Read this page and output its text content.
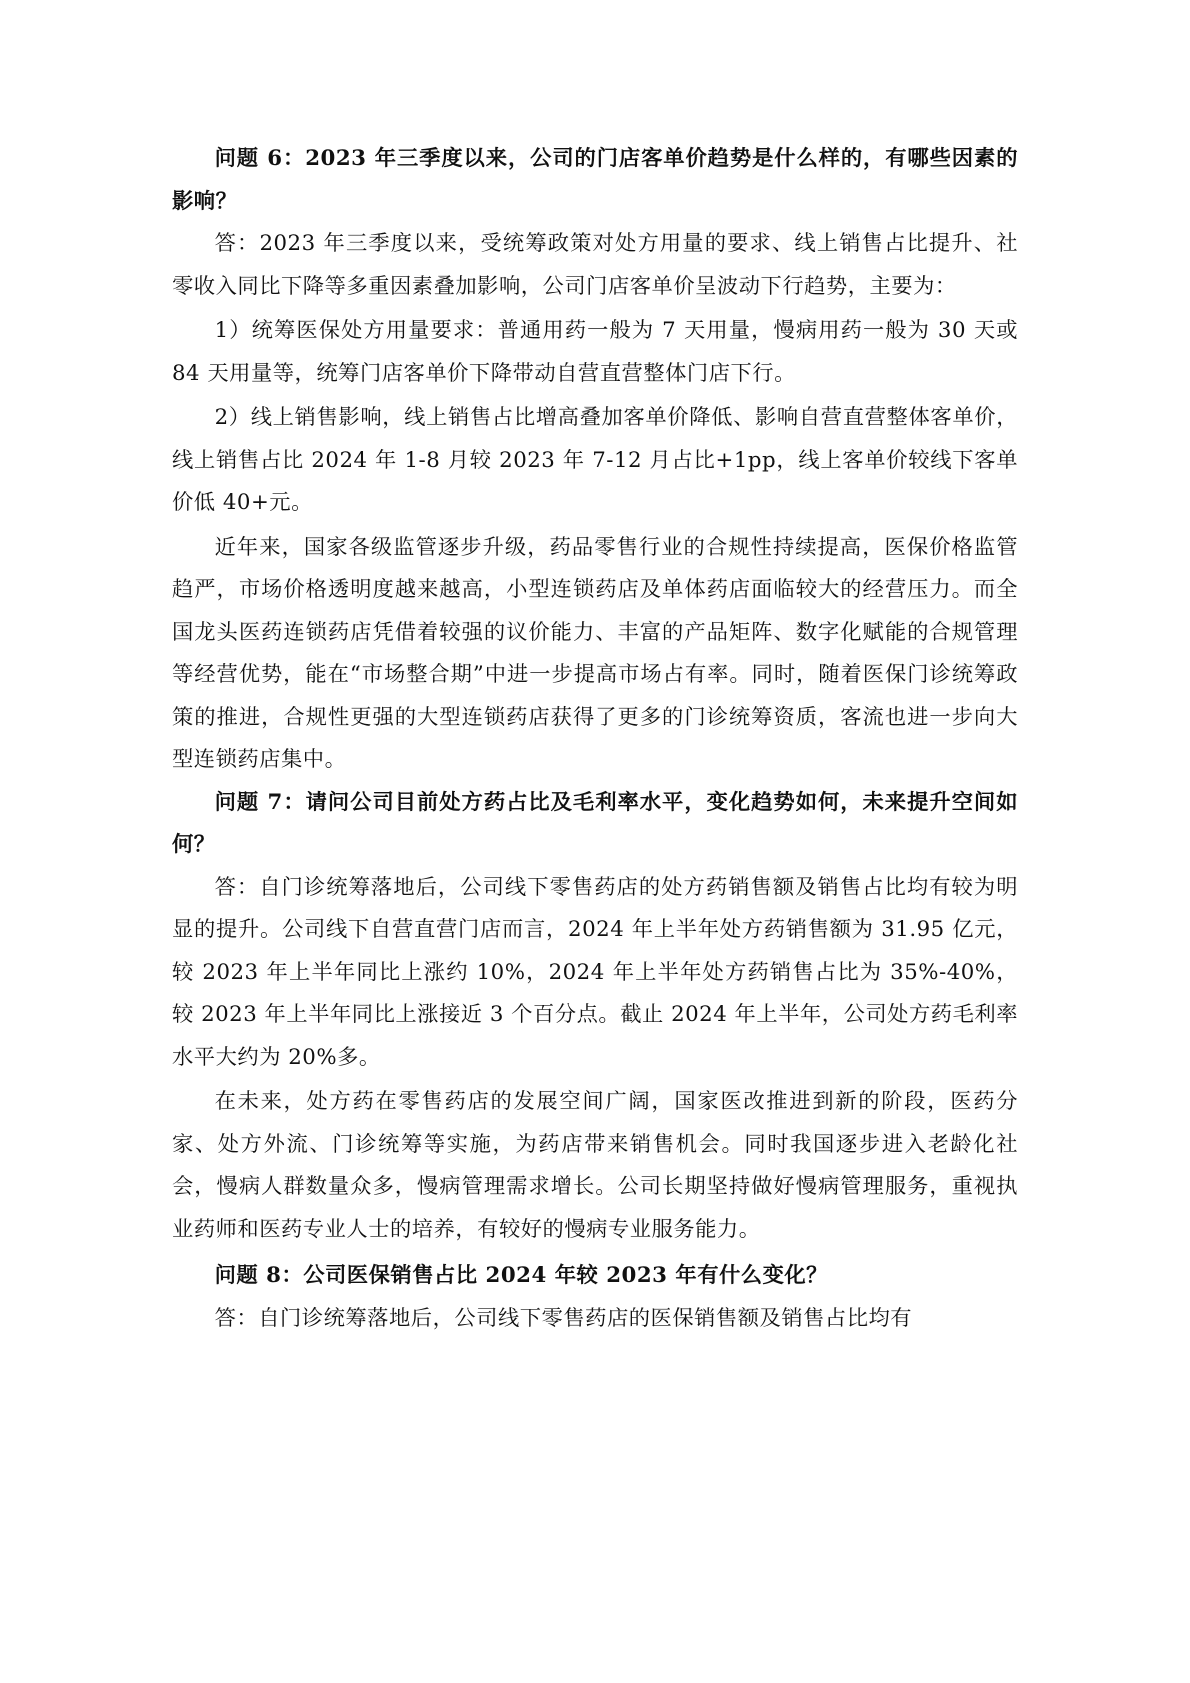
问题 6：2023 年三季度以来，公司的门店客单价趋势是什么样的，有哪些因素的影响？

答：2023 年三季度以来，受统筹政策对处方用量的要求、线上销售占比提升、社零收入同比下降等多重因素叠加影响，公司门店客单价呈波动下行趋势，主要为：

1）统筹医保处方用量要求：普通用药一般为 7 天用量，慢病用药一般为 30 天或 84 天用量等，统筹门店客单价下降带动自营直营整体门店下行。

2）线上销售影响，线上销售占比增高叠加客单价降低、影响自营直营整体客单价，线上销售占比 2024 年 1-8 月较 2023 年 7-12 月占比+1pp，线上客单价较线下客单价低 40+元。

近年来，国家各级监管逐步升级，药品零售行业的合规性持续提高，医保价格监管趋严，市场价格透明度越来越高，小型连锁药店及单体药店面临较大的经营压力。而全国龙头医药连锁药店凭借着较强的议价能力、丰富的产品矩阵、数字化赋能的合规管理等经营优势，能在“市场整合期”中进一步提高市场占有率。同时，随着医保门诊统筹政策的推进，合规性更强的大型连锁药店获得了更多的门诊统筹资质，客流也进一步向大型连锁药店集中。

问题 7：请问公司目前处方药占比及毛利率水平，变化趋势如何，未来提升空间如何？

答：自门诊统筹落地后，公司线下零售药店的处方药销售额及销售占比均有较为明显的提升。公司线下自营直营门店而言，2024 年上半年处方药销售额为 31.95 亿元，较 2023 年上半年同比上涨约 10%，2024 年上半年处方药销售占比为 35%-40%，较 2023 年上半年同比上涨接近 3 个百分点。截止 2024 年上半年，公司处方药毛利率水平大约为 20%多。

在未来，处方药在零售药店的发展空间广阔，国家医改推进到新的阶段，医药分家、处方外流、门诊统筹等实施，为药店带来销售机会。同时我国逐步进入老龄化社会，慢病人群数量众多，慢病管理需求增长。公司长期坚持做好慢病管理服务，重视执业药师和医药专业人士的培养，有较好的慢病专业服务能力。

问题 8：公司医保销售占比 2024 年较 2023 年有什么变化？

答：自门诊统筹落地后，公司线下零售药店的医保销售额及销售占比均有
